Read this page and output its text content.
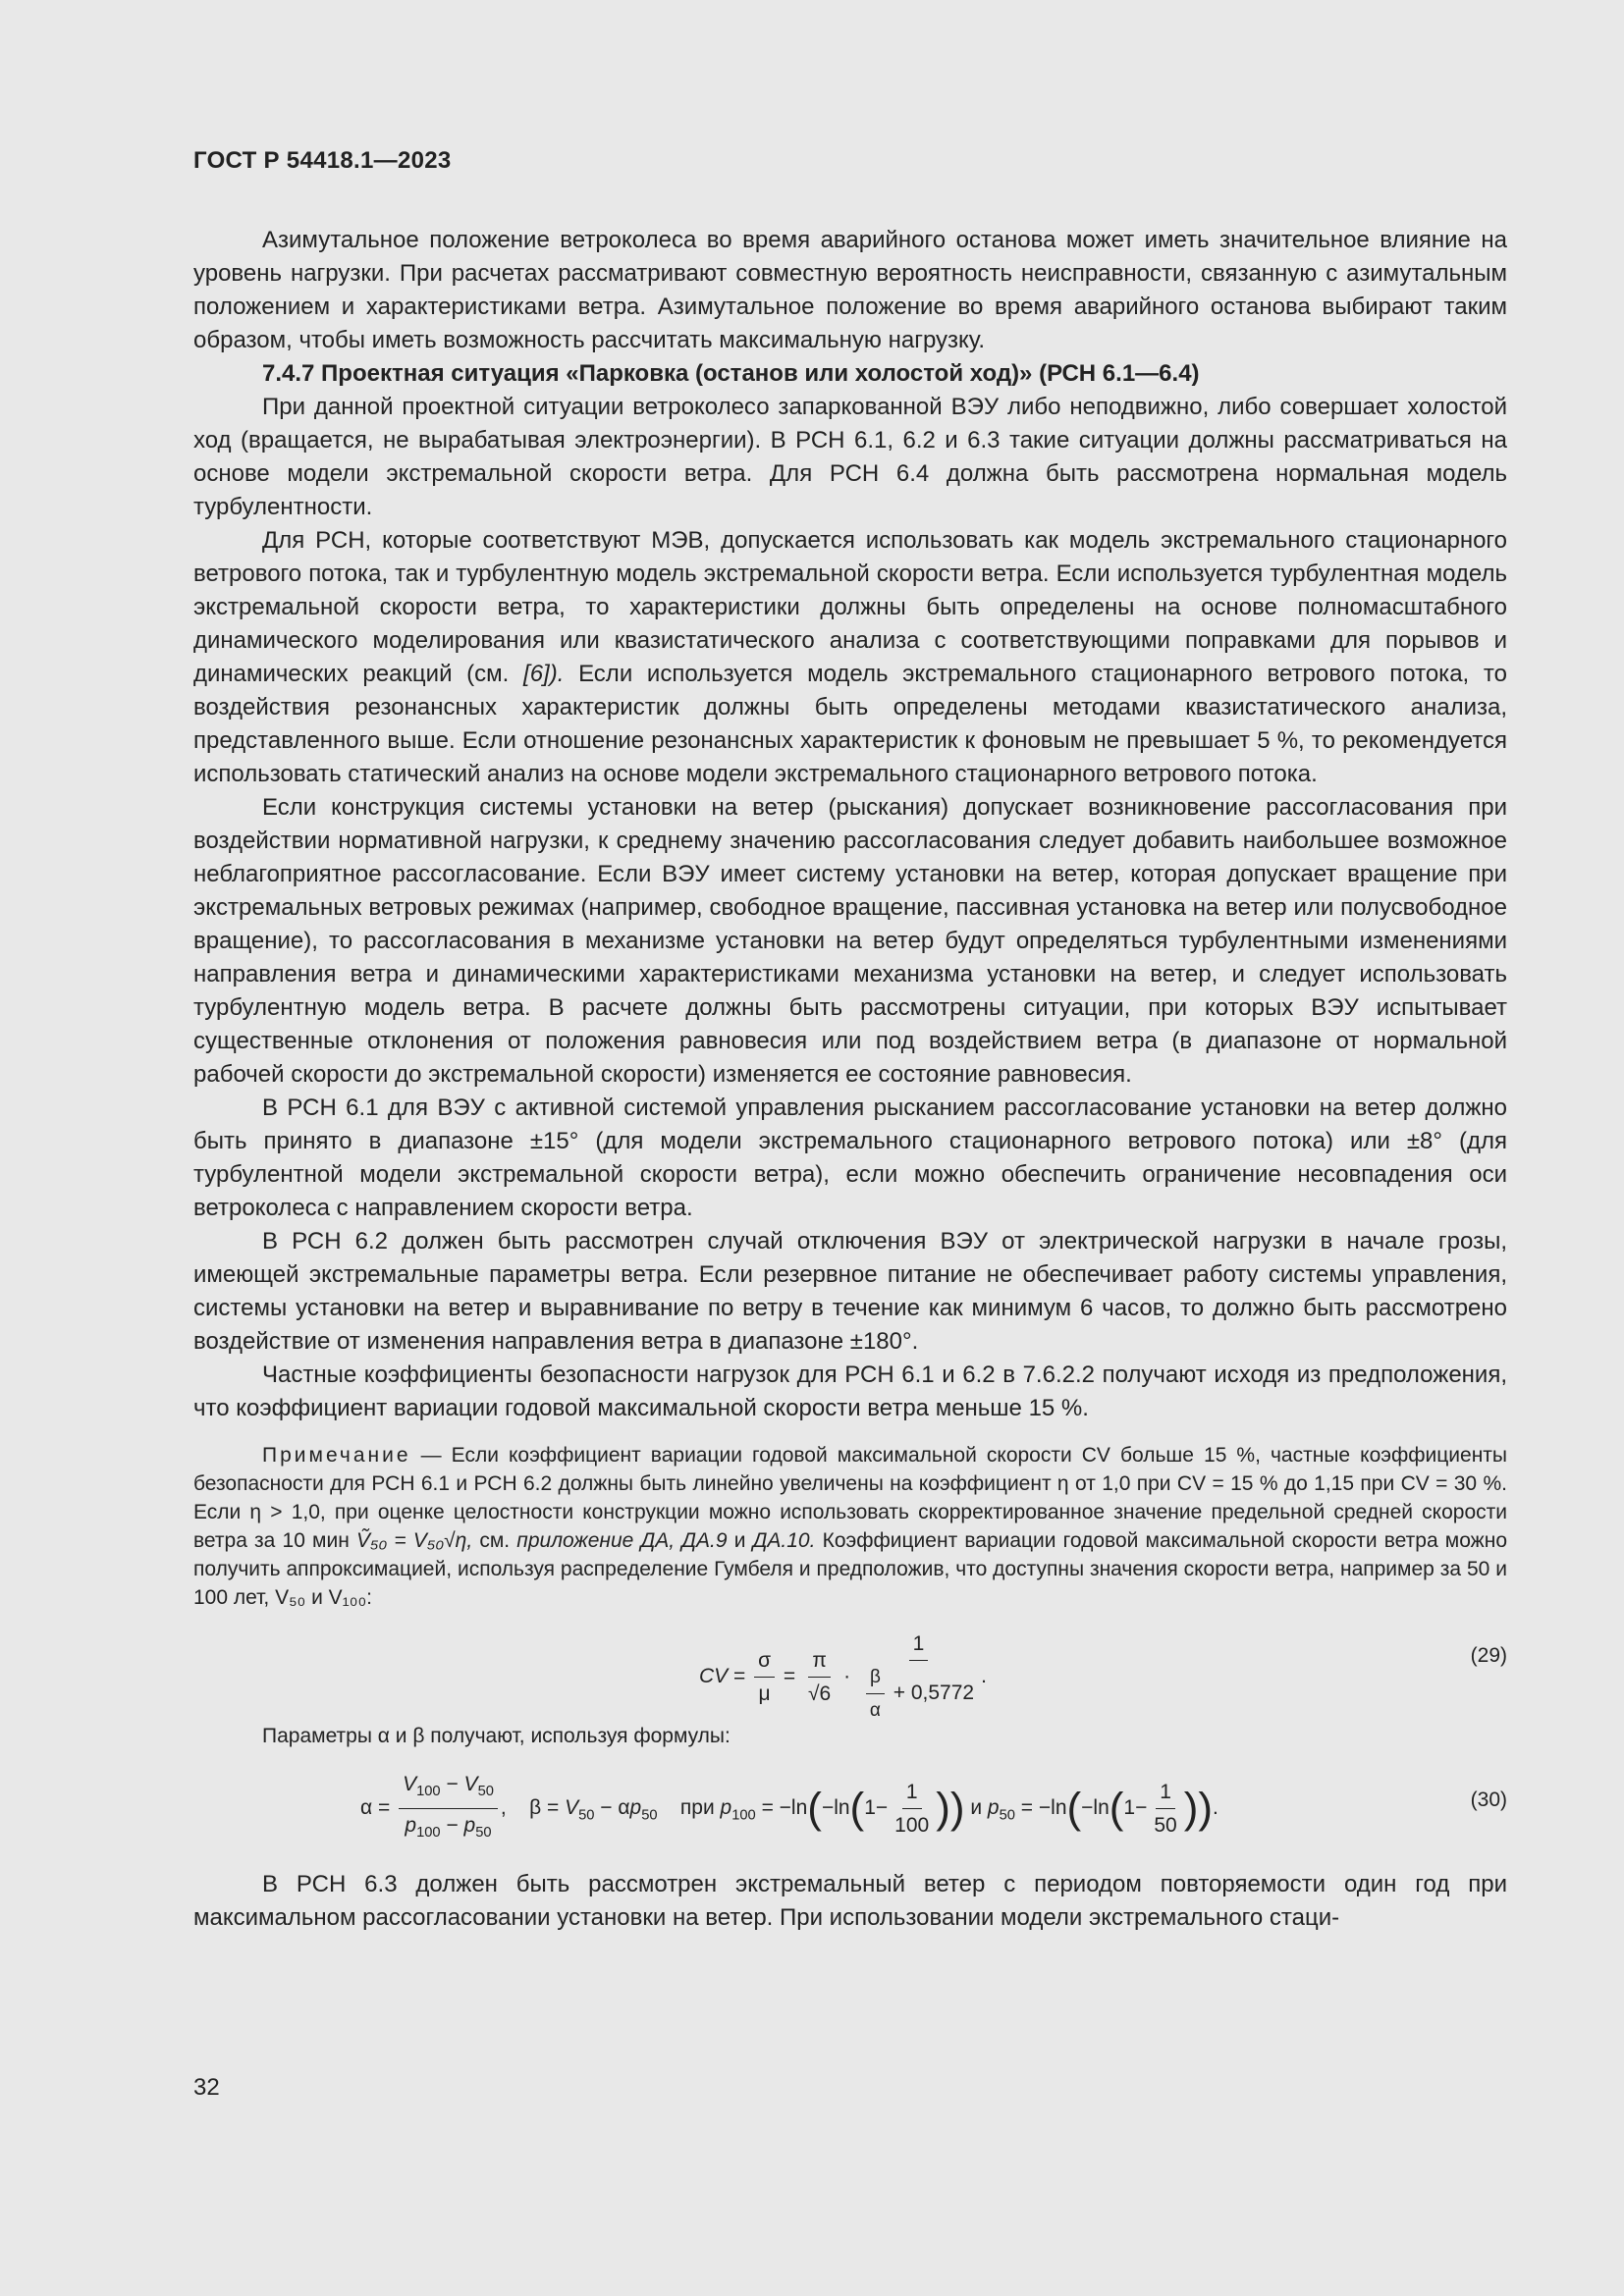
ГОСТ Р 54418.1—2023

Азимутальное положение ветроколеса во время аварийного останова может иметь значительное влияние на уровень нагрузки. При расчетах рассматривают совместную вероятность неисправности, связанную с азимутальным положением и характеристиками ветра. Азимутальное положение во время аварийного останова выбирают таким образом, чтобы иметь возможность рассчитать максимальную нагрузку.

7.4.7 Проектная ситуация «Парковка (останов или холостой ход)» (РСН 6.1—6.4)

При данной проектной ситуации ветроколесо запаркованной ВЭУ либо неподвижно, либо совершает холостой ход (вращается, не вырабатывая электроэнергии). В РСН 6.1, 6.2 и 6.3 такие ситуации должны рассматриваться на основе модели экстремальной скорости ветра. Для РСН 6.4 должна быть рассмотрена нормальная модель турбулентности.

Для РСН, которые соответствуют МЭВ, допускается использовать как модель экстремального стационарного ветрового потока, так и турбулентную модель экстремальной скорости ветра. Если используется турбулентная модель экстремальной скорости ветра, то характеристики должны быть определены на основе полномасштабного динамического моделирования или квазистатического анализа с соответствующими поправками для порывов и динамических реакций (см. [6]). Если используется модель экстремального стационарного ветрового потока, то воздействия резонансных характеристик должны быть определены методами квазистатического анализа, представленного выше. Если отношение резонансных характеристик к фоновым не превышает 5 %, то рекомендуется использовать статический анализ на основе модели экстремального стационарного ветрового потока.

Если конструкция системы установки на ветер (рыскания) допускает возникновение рассогласования при воздействии нормативной нагрузки, к среднему значению рассогласования следует добавить наибольшее возможное неблагоприятное рассогласование. Если ВЭУ имеет систему установки на ветер, которая допускает вращение при экстремальных ветровых режимах (например, свободное вращение, пассивная установка на ветер или полусвободное вращение), то рассогласования в механизме установки на ветер будут определяться турбулентными изменениями направления ветра и динамическими характеристиками механизма установки на ветер, и следует использовать турбулентную модель ветра. В расчете должны быть рассмотрены ситуации, при которых ВЭУ испытывает существенные отклонения от положения равновесия или под воздействием ветра (в диапазоне от нормальной рабочей скорости до экстремальной скорости) изменяется ее состояние равновесия.

В РСН 6.1 для ВЭУ с активной системой управления рысканием рассогласование установки на ветер должно быть принято в диапазоне ±15° (для модели экстремального стационарного ветрового потока) или ±8° (для турбулентной модели экстремальной скорости ветра), если можно обеспечить ограничение несовпадения оси ветроколеса с направлением скорости ветра.

В РСН 6.2 должен быть рассмотрен случай отключения ВЭУ от электрической нагрузки в начале грозы, имеющей экстремальные параметры ветра. Если резервное питание не обеспечивает работу системы управления, системы установки на ветер и выравнивание по ветру в течение как минимум 6 часов, то должно быть рассмотрено воздействие от изменения направления ветра в диапазоне ±180°.

Частные коэффициенты безопасности нагрузок для РСН 6.1 и 6.2 в 7.6.2.2 получают исходя из предположения, что коэффициент вариации годовой максимальной скорости ветра меньше 15 %.

Примечание — Если коэффициент вариации годовой максимальной скорости CV больше 15 %, частные коэффициенты безопасности для РСН 6.1 и РСН 6.2 должны быть линейно увеличены на коэффициент η от 1,0 при CV = 15 % до 1,15 при CV = 30 %. Если η > 1,0, при оценке целостности конструкции можно использовать скорректированное значение предельной средней скорости ветра за 10 мин Ṽ₅₀ = V₅₀√η, см. приложение ДА, ДА.9 и ДА.10. Коэффициент вариации годовой максимальной скорости ветра можно получить аппроксимацией, используя распределение Гумбеля и предположив, что доступны значения скорости ветра, например за 50 и 100 лет, V₅₀ и V₁₀₀:

CV = $\frac{\sigma}{\mu} = \frac{\pi}{√6} \cdot \frac{1}{\frac{\beta}{\alpha} + 0,5772}$ .
(29)
Параметры α и β получают, используя формулы:
$\alpha = \frac{V_{100} - V_{50}}{p_{100} - p_{50}}$ ,    $\beta = V_{50} - \alpha p_{50}$    при $p_{100} = -\ln(-\ln(1- \frac{1}{100}$ )) и $p_{50} = -\ln(-\ln(1- \frac{1}{50}$ )).	(30)

В РСН 6.3 должен быть рассмотрен экстремальный ветер с периодом повторяемости один год при максимальном рассогласовании установки на ветер. При использовании модели экстремального стаци-

32
